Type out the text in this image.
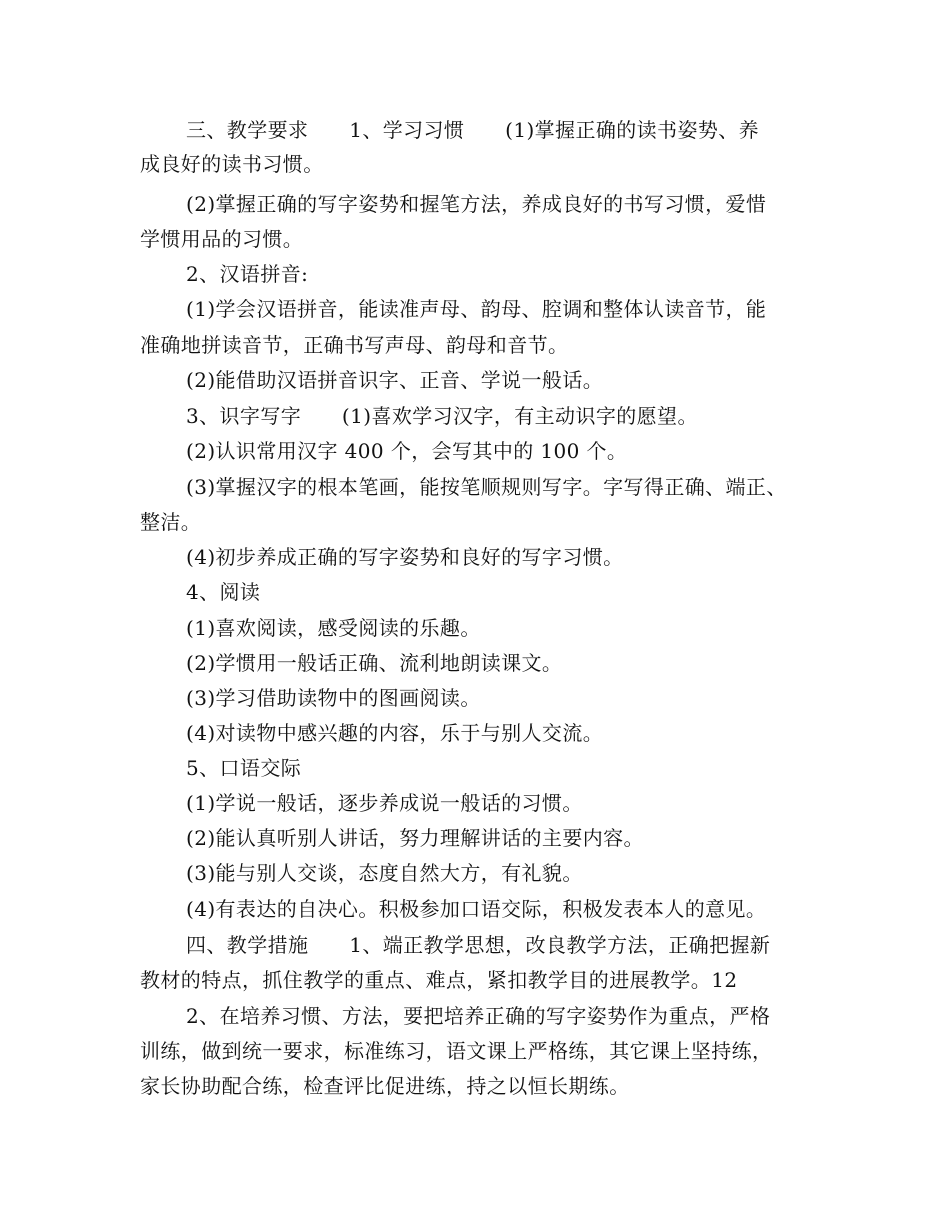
三、教学要求　　1、学习习惯　　(1)掌握正确的读书姿势、养
成良好的读书习惯。
(2)掌握正确的写字姿势和握笔方法，养成良好的书写习惯，爱惜
学惯用品的习惯。
2、汉语拼音:
(1)学会汉语拼音，能读准声母、韵母、腔调和整体认读音节，能
准确地拼读音节，正确书写声母、韵母和音节。
(2)能借助汉语拼音识字、正音、学说一般话。
3、识字写字　　(1)喜欢学习汉字，有主动识字的愿望。
(2)认识常用汉字 400 个，会写其中的 100 个。
(3)掌握汉字的根本笔画，能按笔顺规则写字。字写得正确、端正、
整洁。
(4)初步养成正确的写字姿势和良好的写字习惯。
4、阅读
(1)喜欢阅读，感受阅读的乐趣。
(2)学惯用一般话正确、流利地朗读课文。
(3)学习借助读物中的图画阅读。
(4)对读物中感兴趣的内容，乐于与别人交流。
5、口语交际
(1)学说一般话，逐步养成说一般话的习惯。
(2)能认真听别人讲话，努力理解讲话的主要内容。
(3)能与别人交谈，态度自然大方，有礼貌。
(4)有表达的自决心。积极参加口语交际，积极发表本人的意见。
四、教学措施　　1、端正教学思想，改良教学方法，正确把握新
教材的特点，抓住教学的重点、难点，紧扣教学目的进展教学。12
2、在培养习惯、方法，要把培养正确的写字姿势作为重点，严格
训练，做到统一要求，标准练习，语文课上严格练，其它课上坚持练，
家长协助配合练，检查评比促进练，持之以恒长期练。
